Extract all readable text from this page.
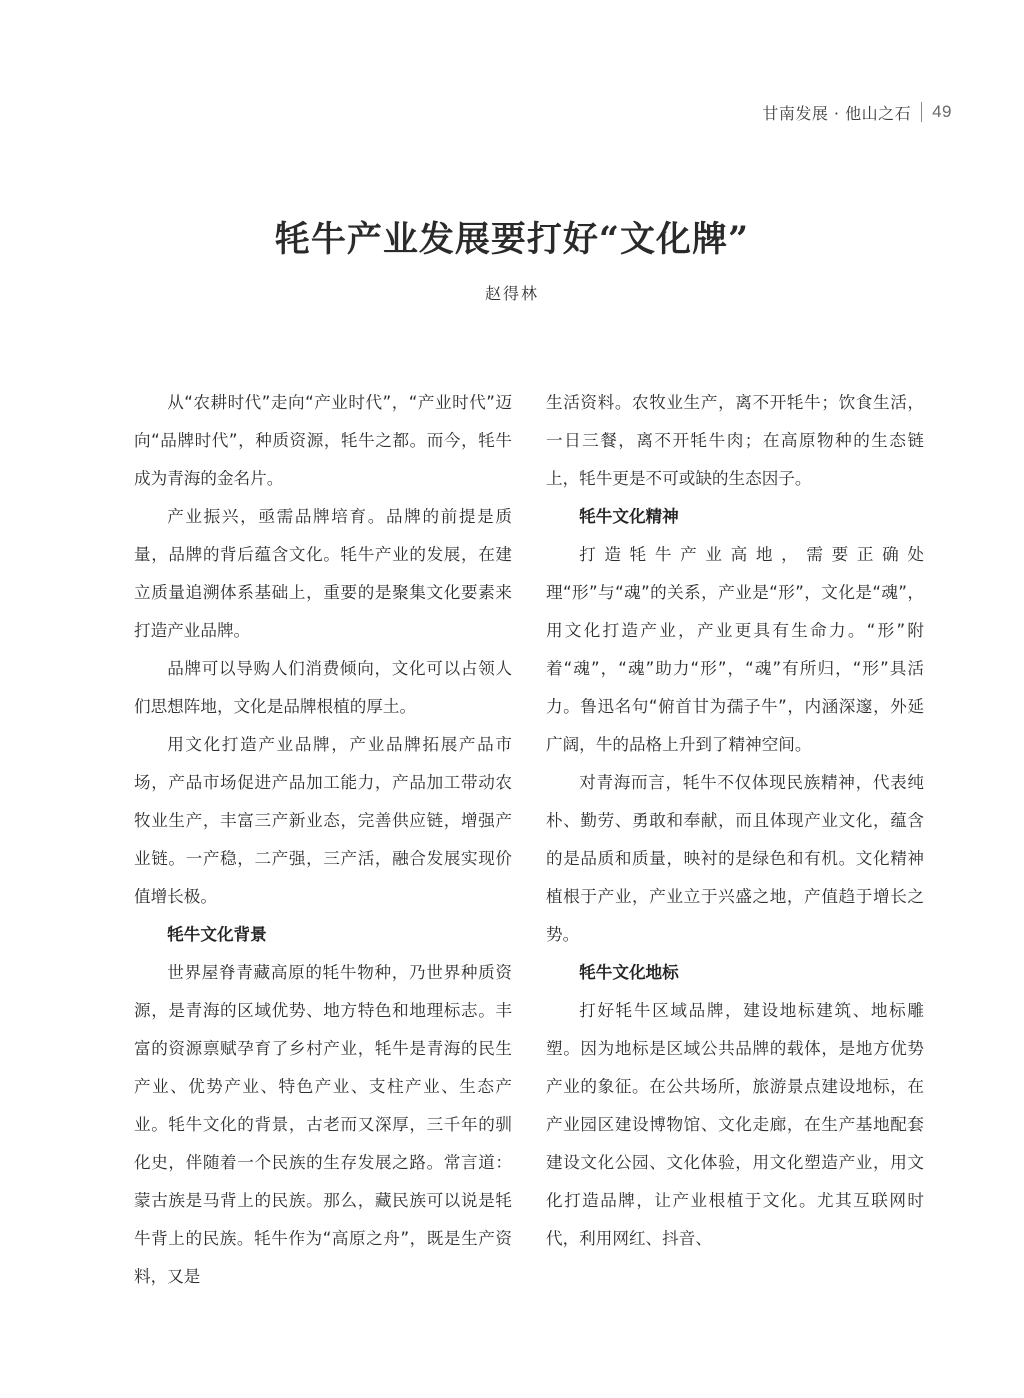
甘南发展 · 他山之石 49
牦牛产业发展要打好“文化牌”
赵得林

从“农耕时代”走向“产业时代”，“产业时代”迈向“品牌时代”，种质资源，牦牛之都。而今，牦牛成为青海的金名片。

产业振兴，亟需品牌培育。品牌的前提是质量，品牌的背后蕴含文化。牦牛产业的发展，在建立质量追溯体系基础上，重要的是聚集文化要素来打造产业品牌。

品牌可以导购人们消费倾向，文化可以占领人们思想阵地，文化是品牌根植的厚土。

用文化打造产业品牌，产业品牌拓展产品市场，产品市场促进产品加工能力，产品加工带动农牧业生产，丰富三产新业态，完善供应链，增强产业链。一产稳，二产强，三产活，融合发展实现价值增长极。

牦牛文化背景

世界屋脊青藏高原的牦牛物种，乃世界种质资源，是青海的区域优势、地方特色和地理标志。丰富的资源禀赋孕育了乡村产业，牦牛是青海的民生产业、优势产业、特色产业、支柱产业、生态产业。牦牛文化的背景，古老而又深厚，三千年的驯化史，伴随着一个民族的生存发展之路。常言道：蒙古族是马背上的民族。那么，藏民族可以说是牦牛背上的民族。牦牛作为“高原之舟”，既是生产资料，又是

生活资料。农牧业生产，离不开牦牛；饮食生活，一日三餐，离不开牦牛肉；在高原物种的生态链上，牦牛更是不可或缺的生态因子。

牦牛文化精神

打造牦牛产业高地，需要正确处理“形”与“魂”的关系，产业是“形”，文化是“魂”，用文化打造产业，产业更具有生命力。“形”附着“魂”，“魂”助力“形”，“魂”有所归，“形”具活力。鲁迅名句“俯首甘为孺子牛”，内涵深邃，外延广阔，牛的品格上升到了精神空间。

对青海而言，牦牛不仅体现民族精神，代表纯朴、勤劳、勇敢和奉献，而且体现产业文化，蕴含的是品质和质量，映衬的是绿色和有机。文化精神植根于产业，产业立于兴盛之地，产值趋于增长之势。

牦牛文化地标

打好牦牛区域品牌，建设地标建筑、地标雕塑。因为地标是区域公共品牌的载体，是地方优势产业的象征。在公共场所，旅游景点建设地标，在产业园区建设博物馆、文化走廊，在生产基地配套建设文化公园、文化体验，用文化塑造产业，用文化打造品牌，让产业根植于文化。尤其互联网时代，利用网红、抖音、
